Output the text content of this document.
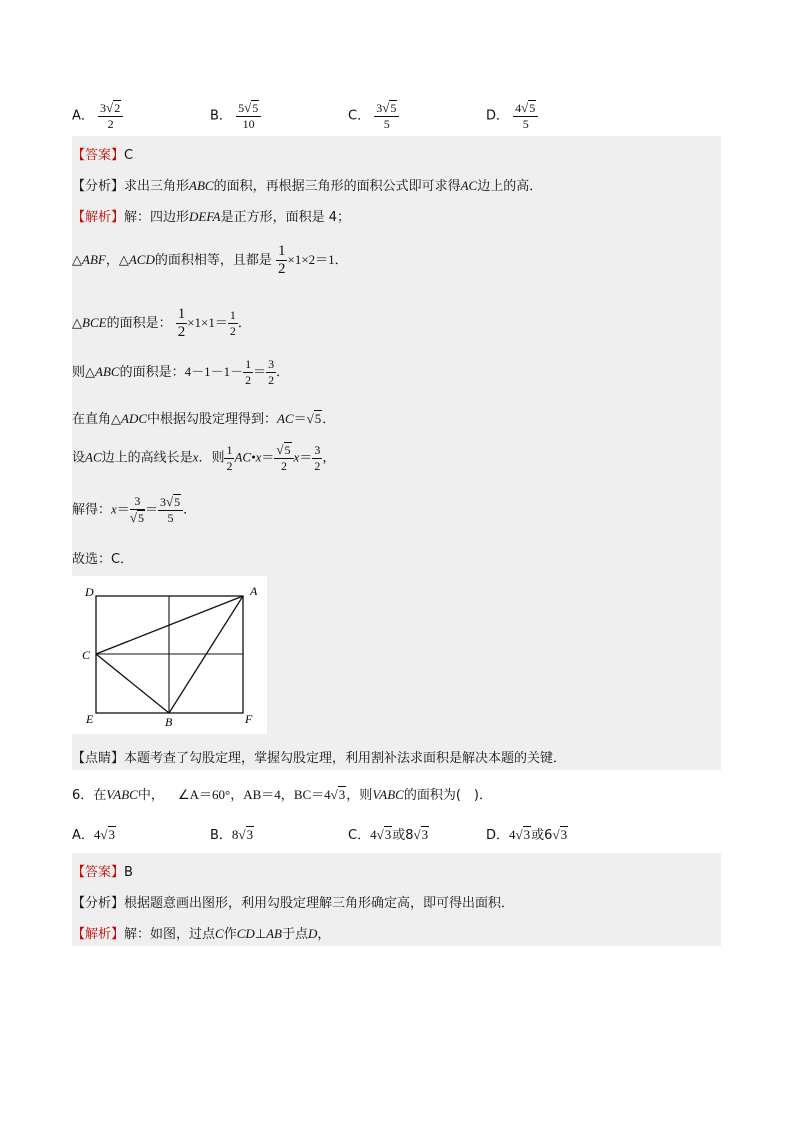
A． $\frac{3√2}{2}$	B． $\frac{5√5}{10}$	C． $\frac{3√5}{5}$	D． $\frac{4√5}{5}$
【答案】C
【分析】求出三角形ABC的面积，再根据三角形的面积公式即可求得AC边上的高．
【解析】解：四边形DEFA是正方形，面积是 4；
△ABF，△ACD的面积相等，且都是 $\frac{1}{2} \times 1\times 2=1$．
△BCE的面积是： $\frac{1}{2} \times 1\times 1= \frac{1}{2}$ ．
则△ABC的面积是：$4-1-1- \frac{1}{2} = \frac{3}{2}$ ．
在直角△ADC中根据勾股定理得到：AC＝√5．
设AC边上的高线长是x．则 $\frac{1}{2}$ AC•x＝ $\frac{√5}{2} x= \frac{3}{2}$ ，
解得：$x= \frac{3}{√5} = \frac{3√5}{5}$ ．
故选：C．
D	A
C
E	B	F
【点睛】本题考查了勾股定理，掌握勾股定理，利用割补法求面积是解决本题的关键．
6．在VABC中， ∠A＝60°，AB＝4，BC＝4√3，则VABC的面积为(　)．
A．4√3	B．8√3	C．4√3或8√3	D．4√3或6√3
【答案】B
【分析】根据题意画出图形，利用勾股定理解三角形确定高，即可得出面积．
【解析】解：如图，过点C作CD⊥AB于点D，
